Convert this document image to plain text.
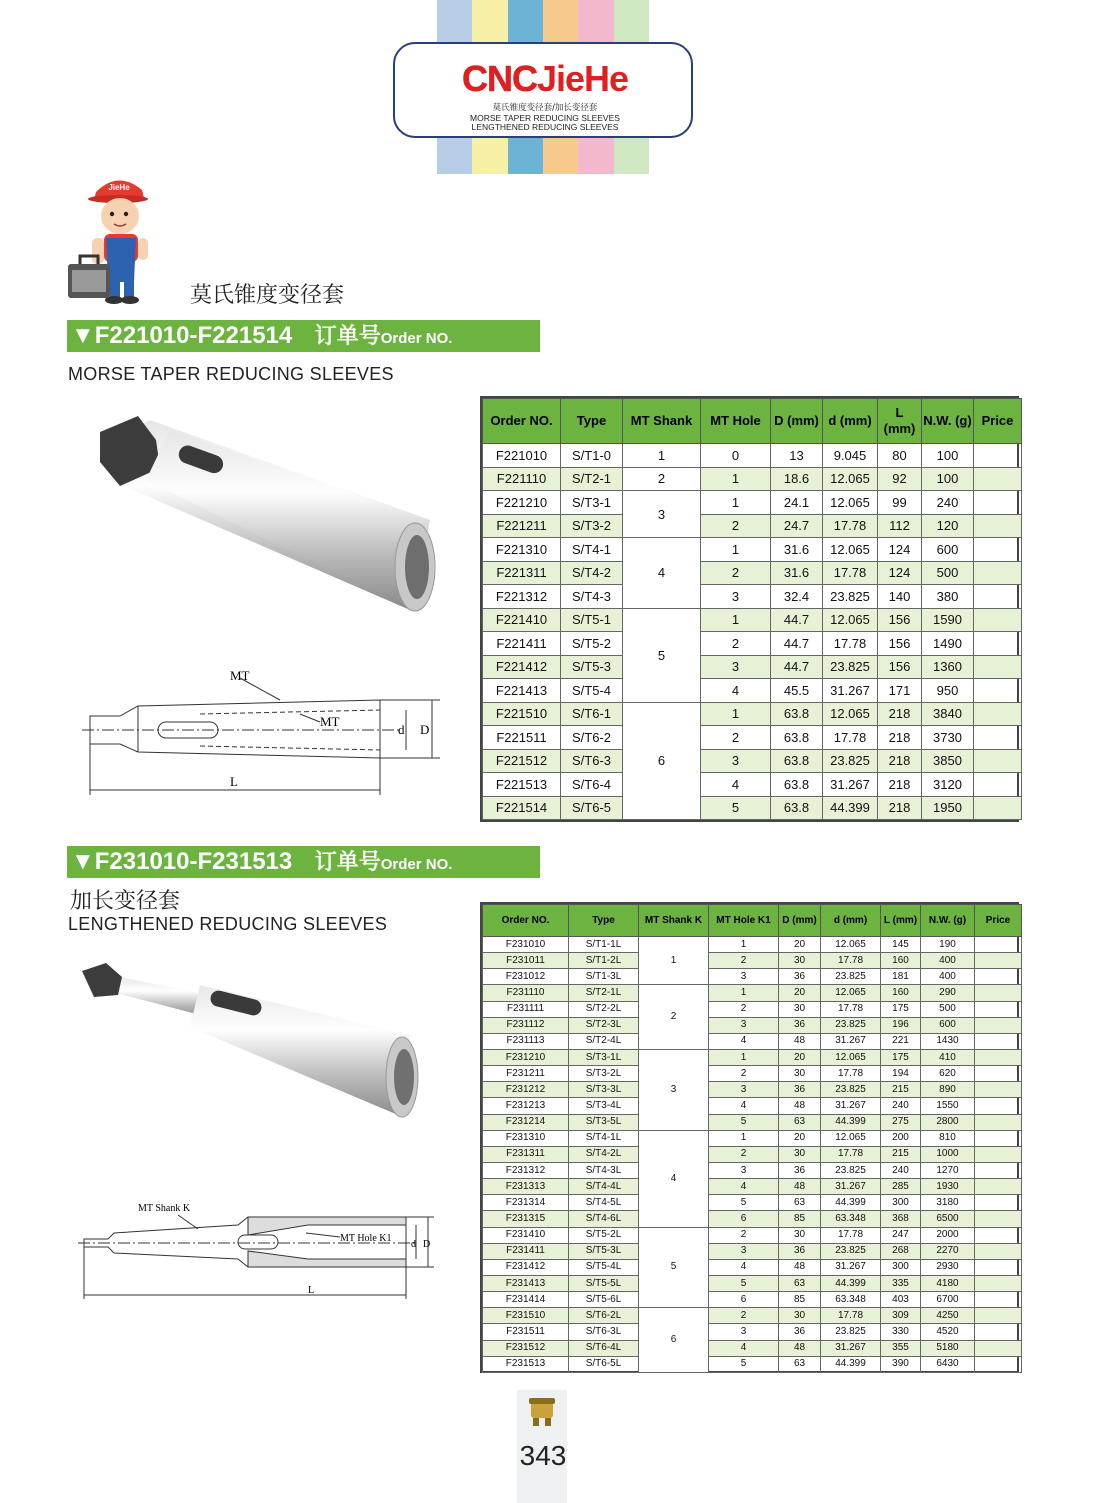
CNCJieHe
莫氏锥度变径套/加长变径套
MORSE TAPER REDUCING SLEEVES
LENGTHENED REDUCING SLEEVES
JieHe
莫氏锥度变径套
▼F221010-F221514 订单号Order NO.
MORSE TAPER REDUCING SLEEVES
MT
MT
d D
L
Order NO.	Type	MT Shank	MT Hole	D (mm)	d (mm)	L (mm)	N.W. (g)	Price
F221010	S/T1-0	1	0	13	9.045	80	100	
F221110	S/T2-1	2	1	18.6	12.065	92	100	
F221210	S/T3-1	3	1	24.1	12.065	99	240	
F221211	S/T3-2		2	24.7	17.78	112	120	
F221310	S/T4-1	4	1	31.6	12.065	124	600	
F221311	S/T4-2		2	31.6	17.78	124	500	
F221312	S/T4-3		3	32.4	23.825	140	380	
F221410	S/T5-1	5	1	44.7	12.065	156	1590	
F221411	S/T5-2		2	44.7	17.78	156	1490	
F221412	S/T5-3		3	44.7	23.825	156	1360	
F221413	S/T5-4		4	45.5	31.267	171	950	
F221510	S/T6-1	6	1	63.8	12.065	218	3840	
F221511	S/T6-2		2	63.8	17.78	218	3730	
F221512	S/T6-3		3	63.8	23.825	218	3850	
F221513	S/T6-4		4	63.8	31.267	218	3120	
F221514	S/T6-5		5	63.8	44.399	218	1950	
▼F231010-F231513 订单号Order NO.
加长变径套
LENGTHENED REDUCING SLEEVES
MT Shank K
MT Hole K1
d D
L
Order NO.	Type	MT Shank K	MT Hole K1	D (mm)	d (mm)	L (mm)	N.W. (g)	Price
F231010	S/T1-1L	1	1	20	12.065	145	190	
F231011	S/T1-2L		2	30	17.78	160	400	
F231012	S/T1-3L		3	36	23.825	181	400	
F231110	S/T2-1L	2	1	20	12.065	160	290	
F231111	S/T2-2L		2	30	17.78	175	500	
F231112	S/T2-3L		3	36	23.825	196	600	
F231113	S/T2-4L		4	48	31.267	221	1430	
F231210	S/T3-1L	3	1	20	12.065	175	410	
F231211	S/T3-2L		2	30	17.78	194	620	
F231212	S/T3-3L		3	36	23.825	215	890	
F231213	S/T3-4L		4	48	31.267	240	1550	
F231214	S/T3-5L		5	63	44.399	275	2800	
F231310	S/T4-1L	4	1	20	12.065	200	810	
F231311	S/T4-2L		2	30	17.78	215	1000	
F231312	S/T4-3L		3	36	23.825	240	1270	
F231313	S/T4-4L		4	48	31.267	285	1930	
F231314	S/T4-5L		5	63	44.399	300	3180	
F231315	S/T4-6L		6	85	63.348	368	6500	
F231410	S/T5-2L	5	2	30	17.78	247	2000	
F231411	S/T5-3L		3	36	23.825	268	2270	
F231412	S/T5-4L		4	48	31.267	300	2930	
F231413	S/T5-5L		5	63	44.399	335	4180	
F231414	S/T5-6L		6	85	63.348	403	6700	
F231510	S/T6-2L	6	2	30	17.78	309	4250	
F231511	S/T6-3L		3	36	23.825	330	4520	
F231512	S/T6-4L		4	48	31.267	355	5180	
F231513	S/T6-5L		5	63	44.399	390	6430	
343
